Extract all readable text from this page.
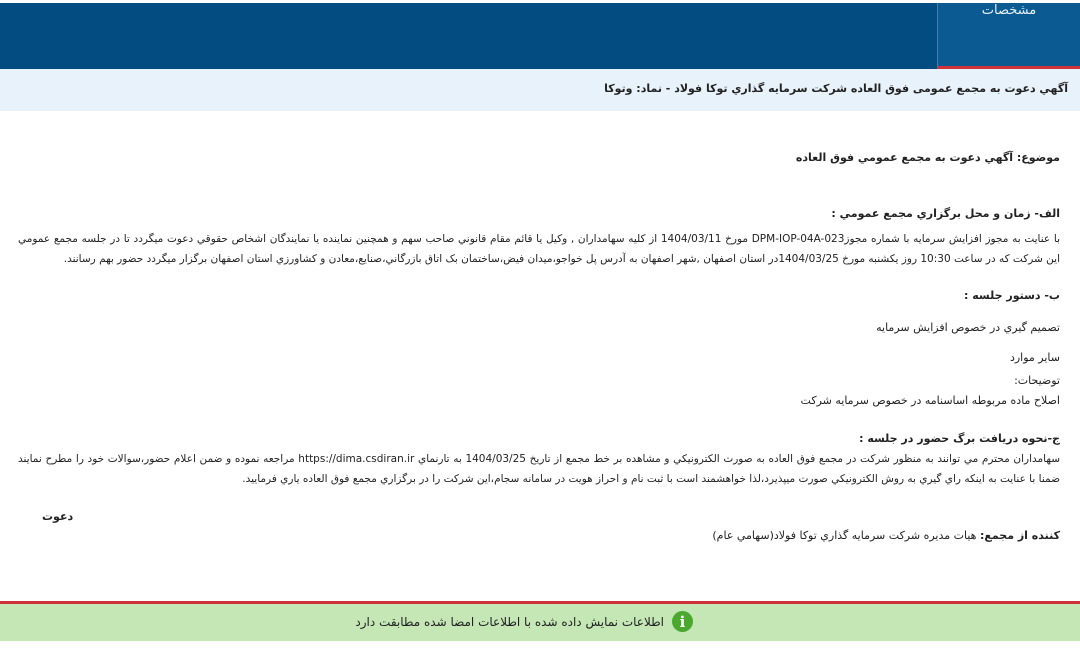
مشخصات
آگهي دعوت به مجمع عمومی فوق العاده شرکت سرمايه گذاري توکا فولاد - نماد: وتوکا
موضوع: آگهي دعوت به مجمع عمومي فوق العاده
الف- زمان و محل برگزاري مجمع عمومي :
با عنايت به مجوز افزايش سرمايه با شماره مجوزDPM-IOP-04A-023 مورخ 1404/03/11 از کليه سهامداران , وکيل يا قائم مقام قانوني صاحب سهم و همچنين نماينده يا نمايندگان اشخاص حقوقي دعوت ميگردد تا در جلسه مجمع عمومي اين شرکت که در ساعت 10:30 روز يکشنبه مورخ 1404/03/25در استان اصفهان ,شهر اصفهان به آدرس پل خواجو،ميدان فيض،ساختمان بک اتاق بازرگاني،صنايع،معادن و کشاورزي استان اصفهان برگزار ميگردد حضور بهم رسانند.
ب- دستور جلسه :
تصميم گيري در خصوص افزايش سرمايه
ساير موارد
توضيحات:
اصلاح ماده مربوطه اساسنامه در خصوص سرمايه شرکت
ج-نحوه دريافت برگ حضور در جلسه :
سهامداران محترم مي توانند به منظور شرکت در مجمع فوق العاده به صورت الكترونيكي و مشاهده بر خط مجمع از تاريخ 1404/03/25 به تارنماي https://dima.csdiran.ir مراجعه نموده و ضمن اعلام حضور،سوالات خود را مطرح نمايند ضمنا با عنايت به اينکه راي گيري به روش الکترونيکي صورت ميپذيرد،لذا خواهشمند است با ثبت نام و احراز هويت در سامانه سجام،اين شركت را در برگزاري مجمع فوق العاده ياري فرماييد.
دعوت
کننده از مجمع: هيات مديره شرکت سرمايه گذاري توکا فولاد(سهامي عام)
i
اطلاعات نمایش داده شده با اطلاعات امضا شده مطابقت دارد
